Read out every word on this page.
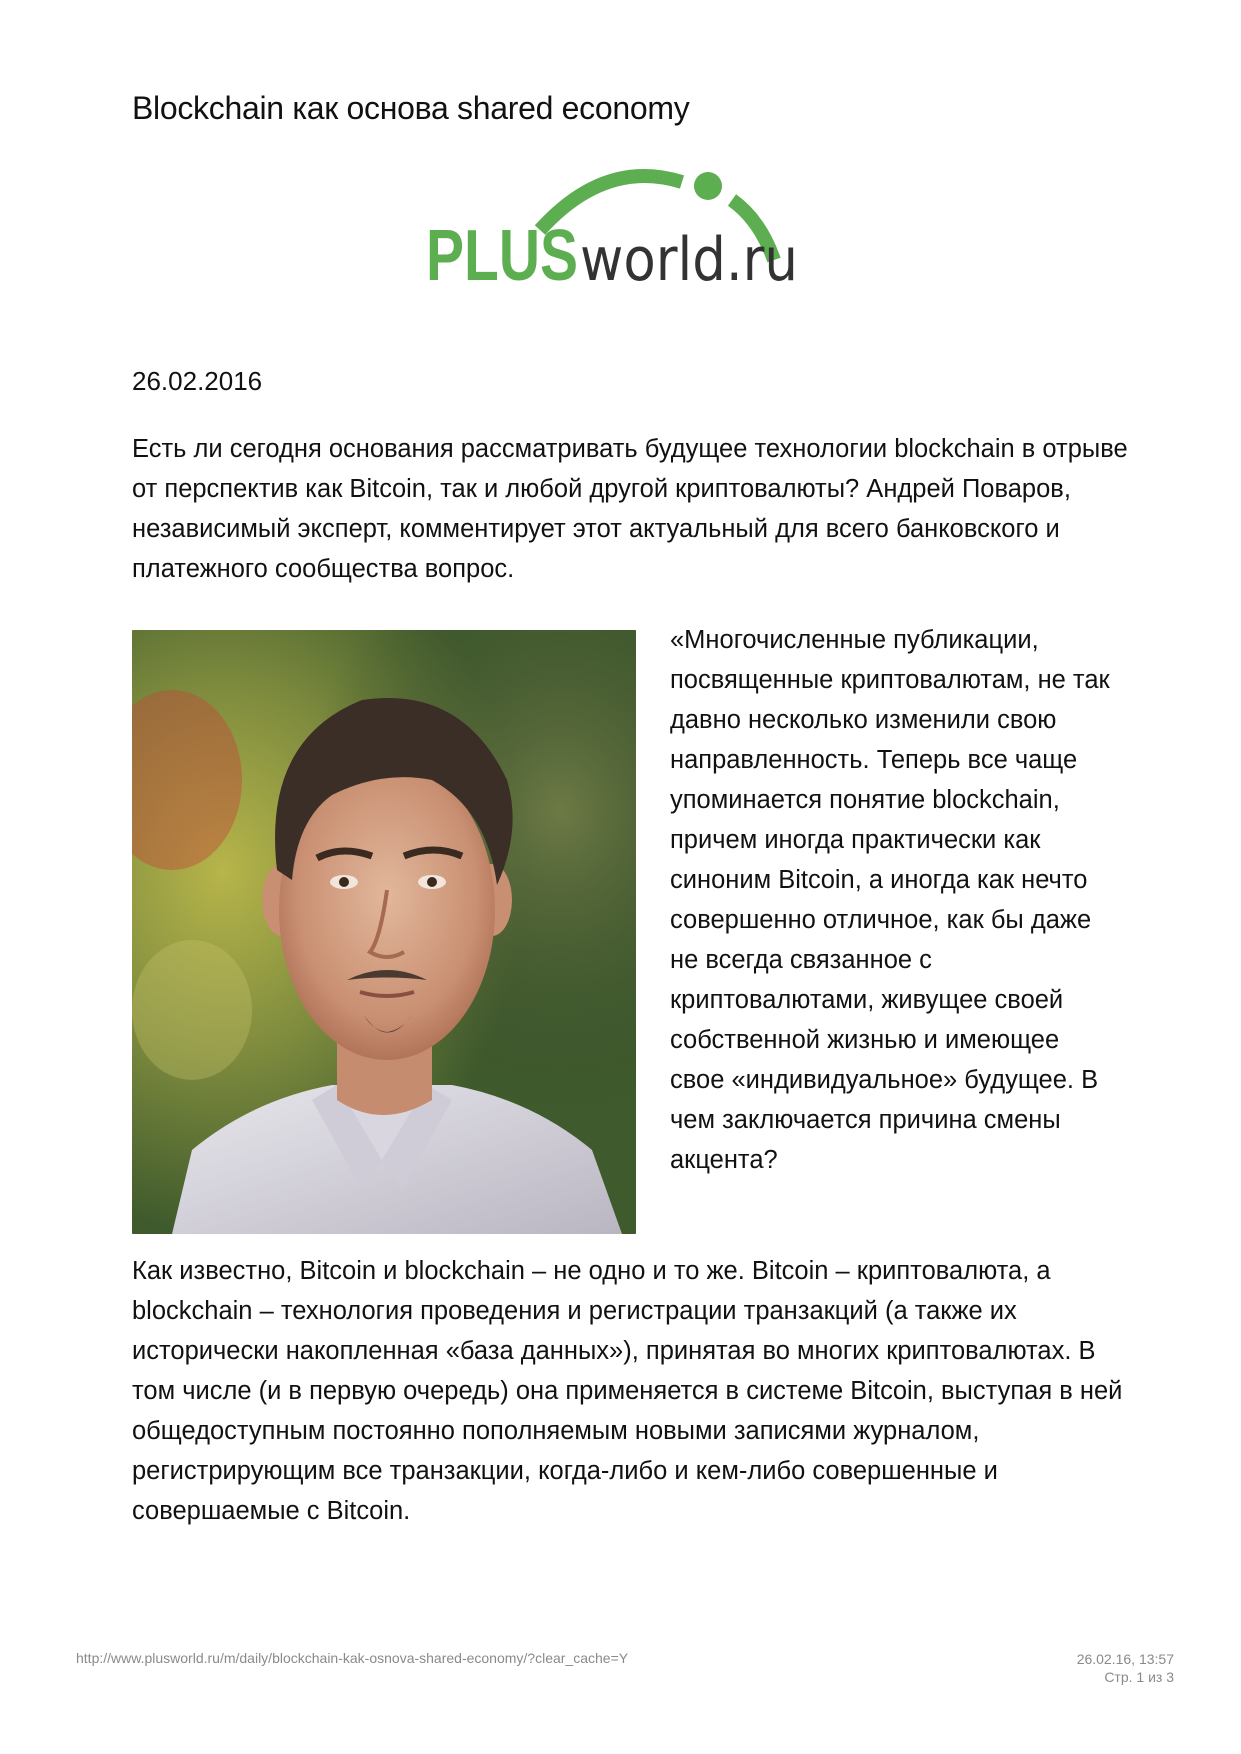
Blockchain как основа shared economy
PLUS world.ru
26.02.2016

Есть ли сегодня основания рассматривать будущее технологии blockchain в отрыве от перспектив как Bitcoin, так и любой другой криптовалюты? Андрей Поваров, независимый эксперт, комментирует этот актуальный для всего банковского и платежного сообщества вопрос.

«Многочисленные публикации, посвященные криптовалютам, не так давно несколько изменили свою направленность. Теперь все чаще упоминается понятие blockchain, причем иногда практически как синоним Bitcoin, а иногда как нечто совершенно отличное, как бы даже не всегда связанное с криптовалютами, живущее своей собственной жизнью и имеющее свое «индивидуальное» будущее. В чем заключается причина смены акцента?

Как известно, Bitcoin и blockchain – не одно и то же. Bitcoin – криптовалюта, а blockchain – технология проведения и регистрации транзакций (а также их исторически накопленная «база данных»), принятая во многих криптовалютах. В том числе (и в первую очередь) она применяется в системе Bitcoin, выступая в ней общедоступным постоянно пополняемым новыми записями журналом, регистрирующим все транзакции, когда-либо и кем-либо совершенные и совершаемые с Bitcoin.

http://www.plusworld.ru/m/daily/blockchain-kak-osnova-shared-economy/?clear_cache=Y	26.02.16, 13:57
Стр. 1 из 3
